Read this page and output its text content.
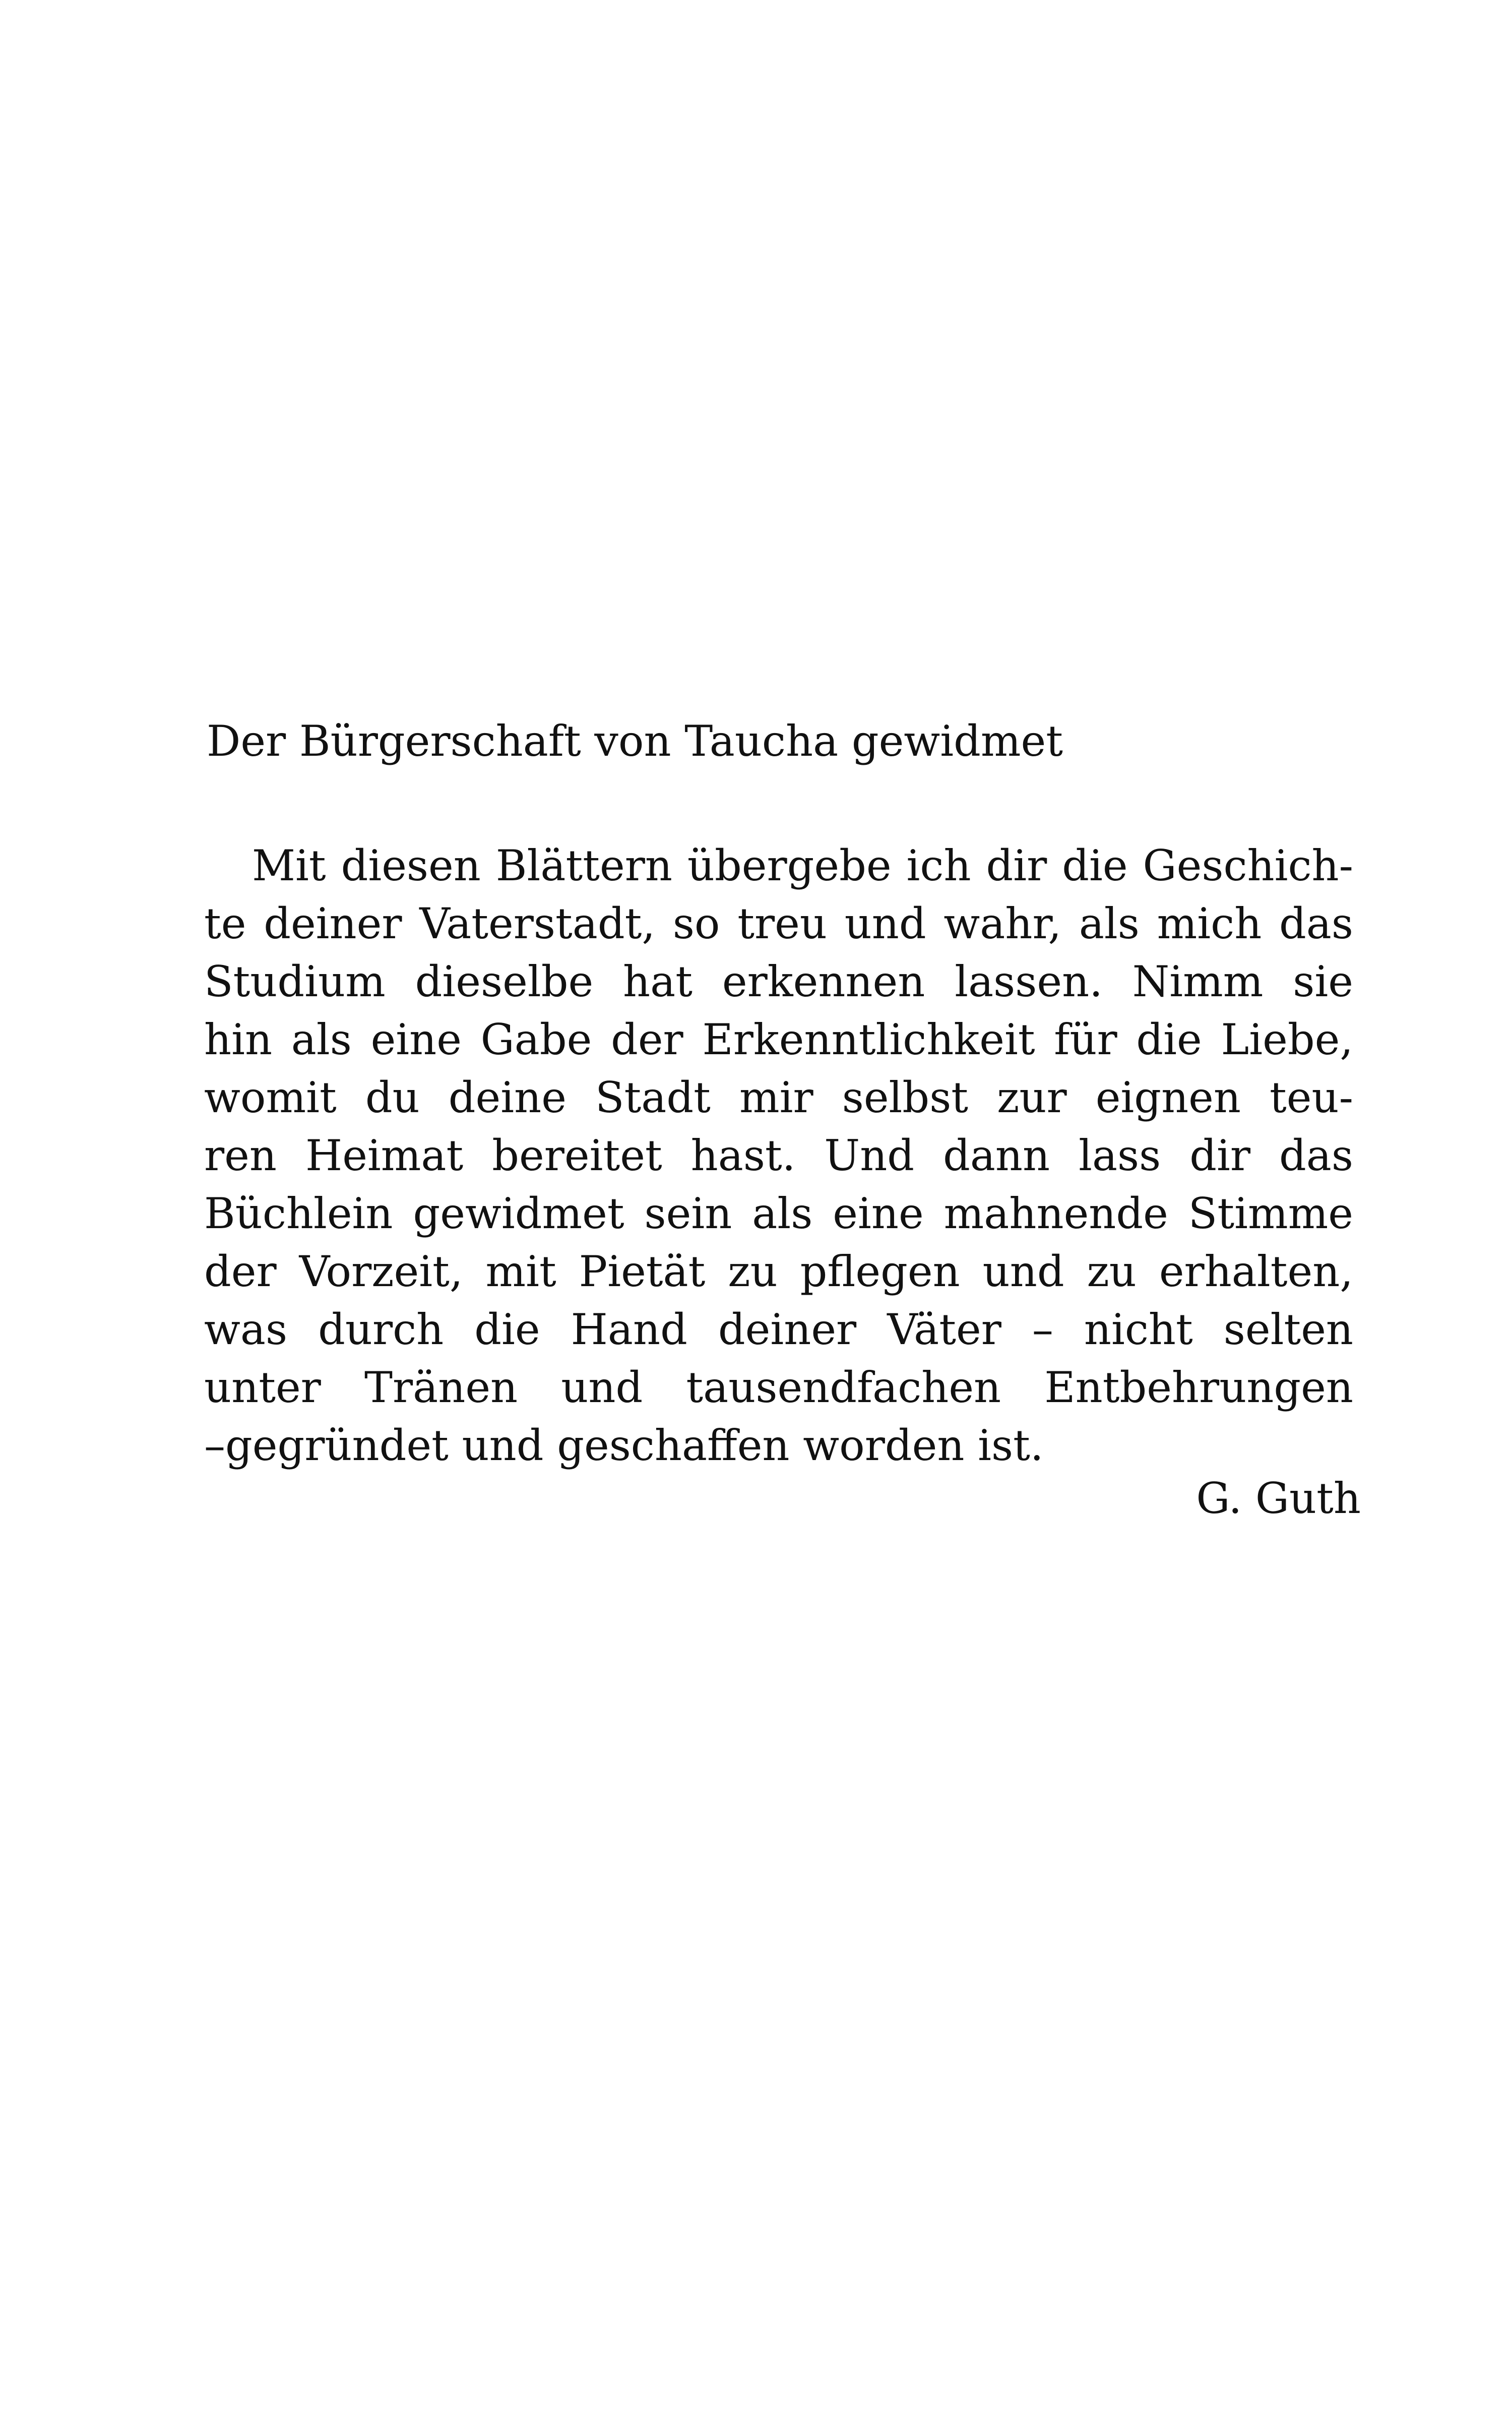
Der Bürgerschaft von Taucha gewidmet
Mit diesen Blättern übergebe ich dir die Geschich-
te deiner Vaterstadt, so treu und wahr, als mich das
Studium dieselbe hat erkennen lassen. Nimm sie
hin als eine Gabe der Erkenntlichkeit für die Liebe,
womit du deine Stadt mir selbst zur eignen teu-
ren Heimat bereitet hast. Und dann lass dir das
Büchlein gewidmet sein als eine mahnende Stimme
der Vorzeit, mit Pietät zu pflegen und zu erhalten,
was durch die Hand deiner Väter – nicht selten
unter Tränen und tausendfachen Entbehrungen
–gegründet und geschaffen worden ist.
G. Guth
